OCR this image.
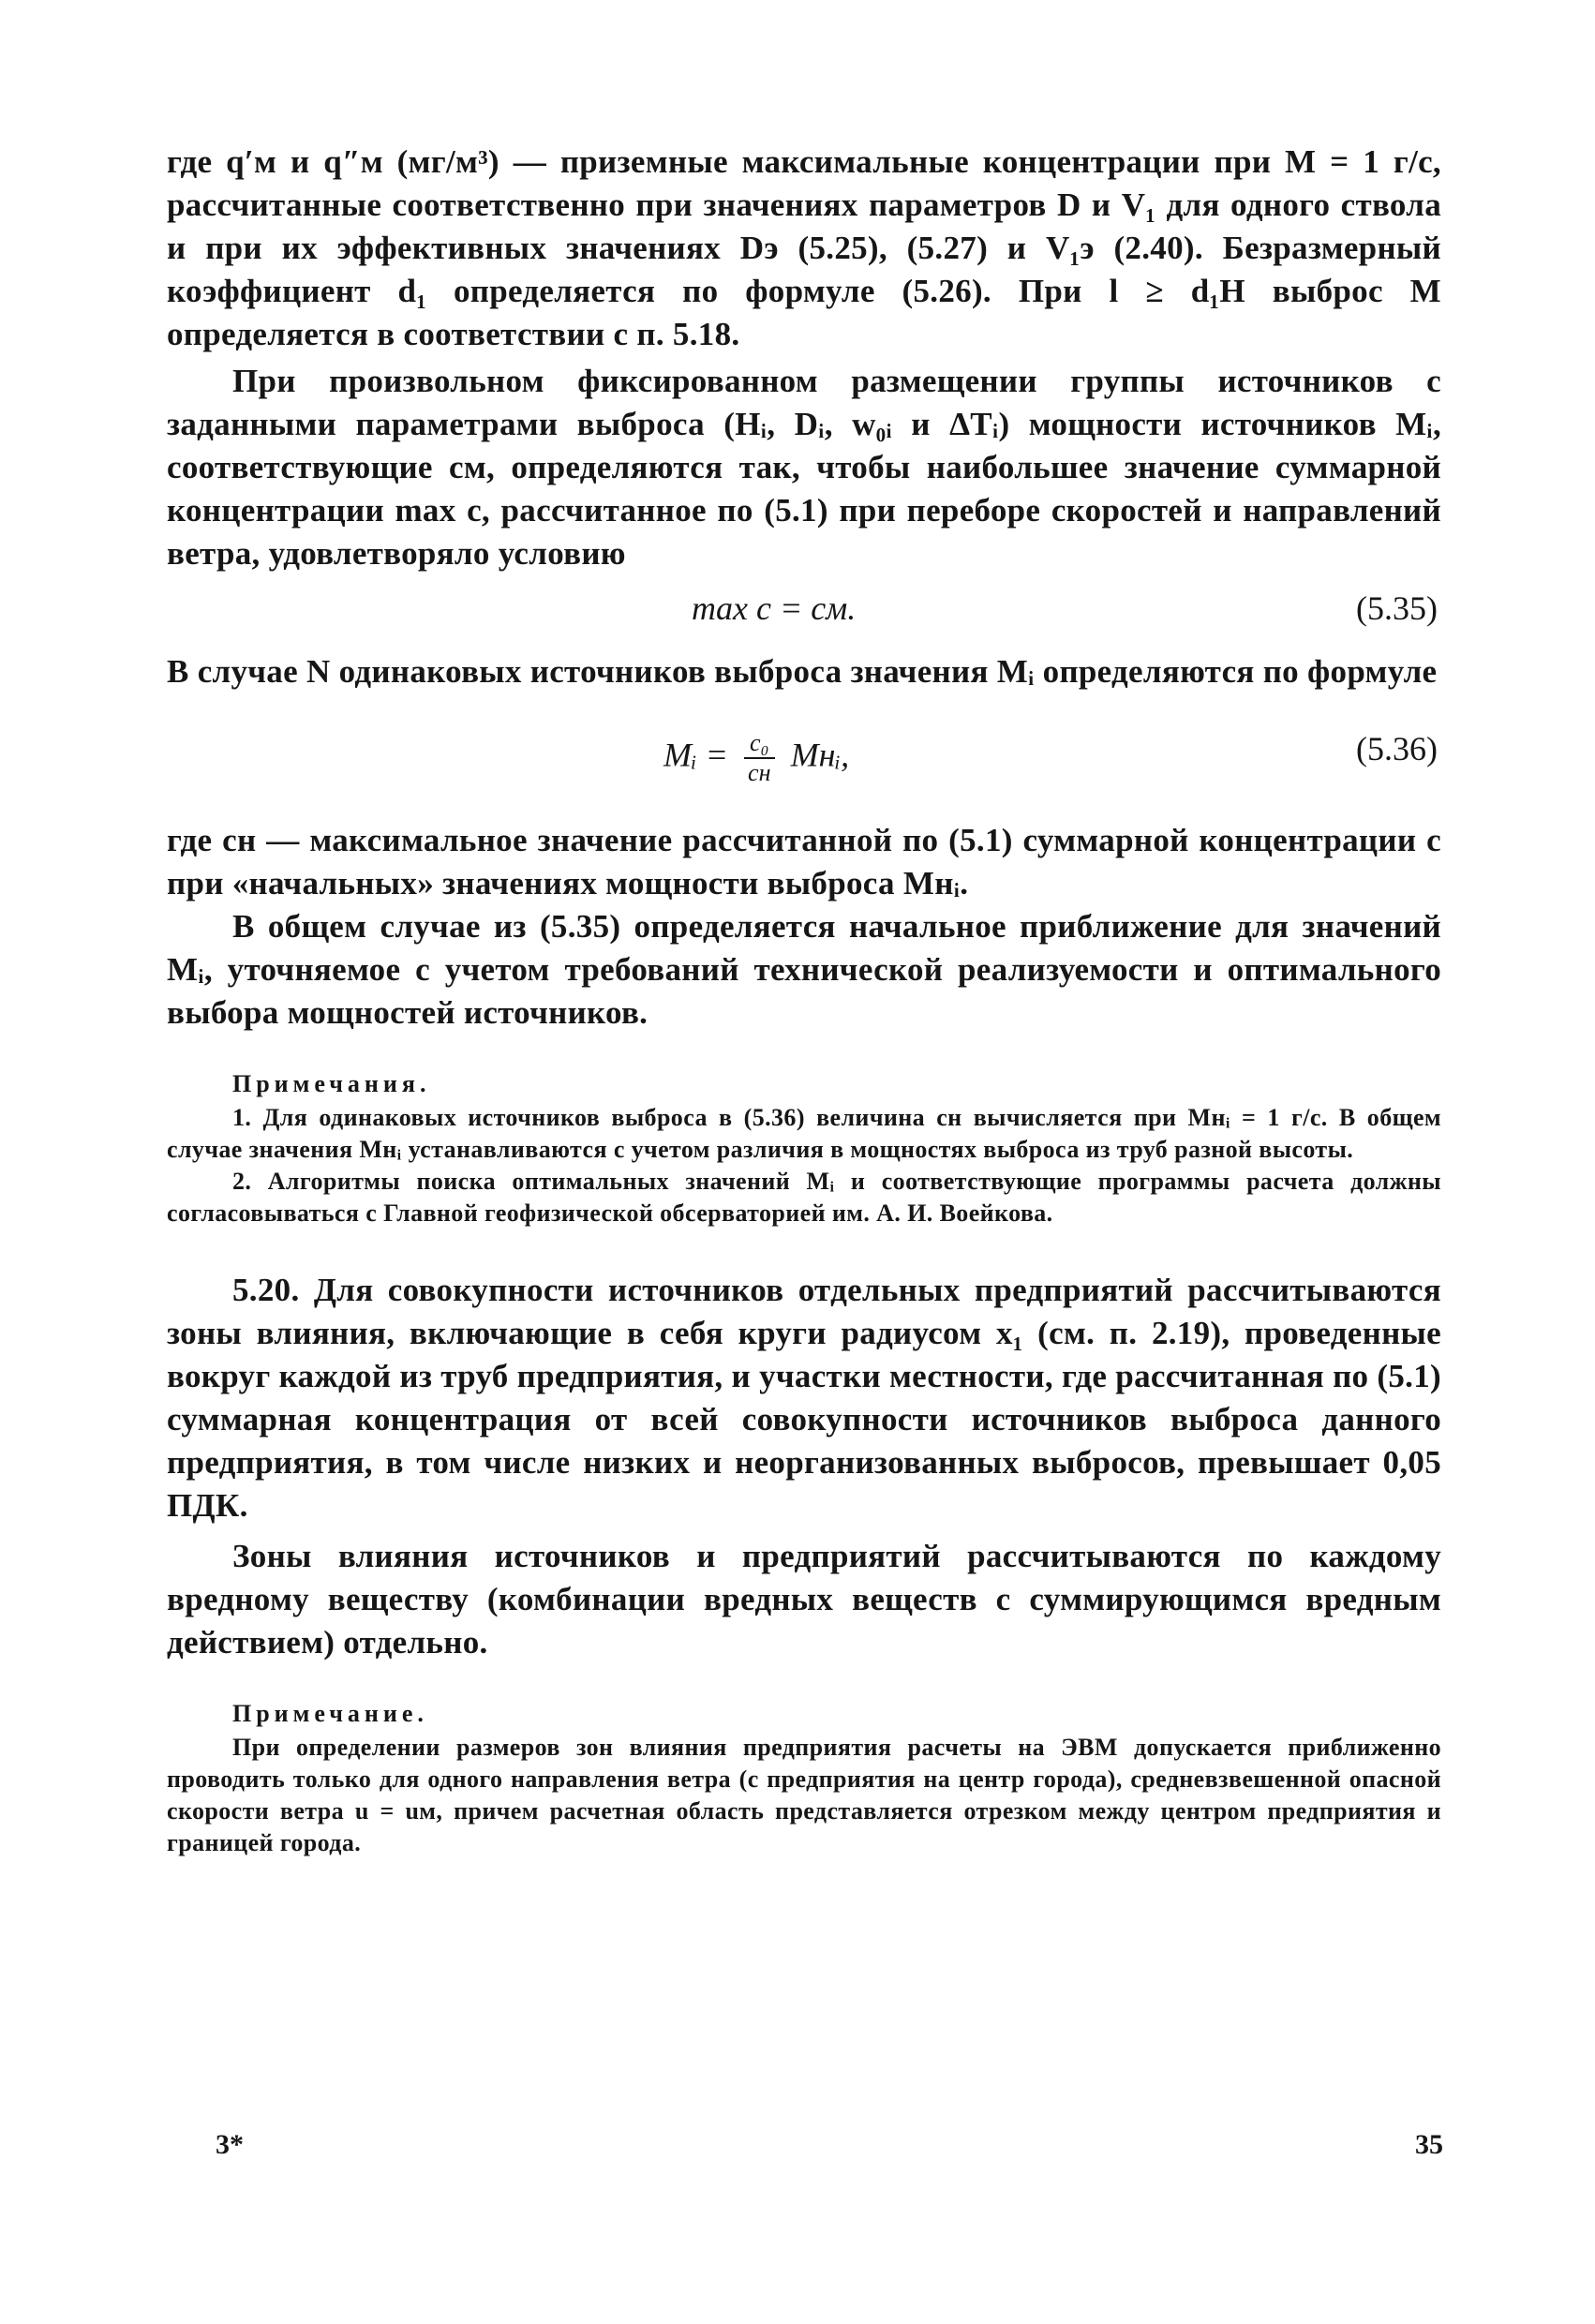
где q′м и q″м (мг/м³) — приземные максимальные концентрации при M = 1 г/с, рассчитанные соответственно при значениях параметров D и V₁ для одного ствола и при их эффективных значениях Dэ (5.25), (5.27) и V₁э (2.40). Безразмерный коэффициент d₁ определяется по формуле (5.26). При l ≥ d₁H выброс M определяется в соответствии с п. 5.18.

При произвольном фиксированном размещении группы источников с заданными параметрами выброса (Hᵢ, Dᵢ, w₀ᵢ и ΔTᵢ) мощности источников Mᵢ, соответствующие cм, определяются так, чтобы наибольшее значение суммарной концентрации max c, рассчитанное по (5.1) при переборе скоростей и направлений ветра, удовлетворяло условию

max c = cм.	(5.35)

В случае N одинаковых источников выброса значения Mᵢ определяются по формуле

Mᵢ = $\frac{\text{c₀}}{cн}$ Mнᵢ,	(5.36)

где cн — максимальное значение рассчитанной по (5.1) суммарной концентрации c при «начальных» значениях мощности выброса Mнᵢ.

В общем случае из (5.35) определяется начальное приближение для значений Mᵢ, уточняемое с учетом требований технической реализуемости и оптимального выбора мощностей источников.

Примечания.

1. Для одинаковых источников выброса в (5.36) величина cн вычисляется при Mнᵢ = 1 г/с. В общем случае значения Mнᵢ устанавливаются с учетом различия в мощностях выброса из труб разной высоты.

2. Алгоритмы поиска оптимальных значений Mᵢ и соответствующие программы расчета должны согласовываться с Главной геофизической обсерваторией им. А. И. Воейкова.

5.20. Для совокупности источников отдельных предприятий рассчитываются зоны влияния, включающие в себя круги радиусом x₁ (см. п. 2.19), проведенные вокруг каждой из труб предприятия, и участки местности, где рассчитанная по (5.1) суммарная концентрация от всей совокупности источников выброса данного предприятия, в том числе низких и неорганизованных выбросов, превышает 0,05 ПДК.

Зоны влияния источников и предприятий рассчитываются по каждому вредному веществу (комбинации вредных веществ с суммирующимся вредным действием) отдельно.

Примечание.

При определении размеров зон влияния предприятия расчеты на ЭВМ допускается приближенно проводить только для одного направления ветра (с предприятия на центр города), средневзвешенной опасной скорости ветра u = uм, причем расчетная область представляется отрезком между центром предприятия и границей города.

3*	35
